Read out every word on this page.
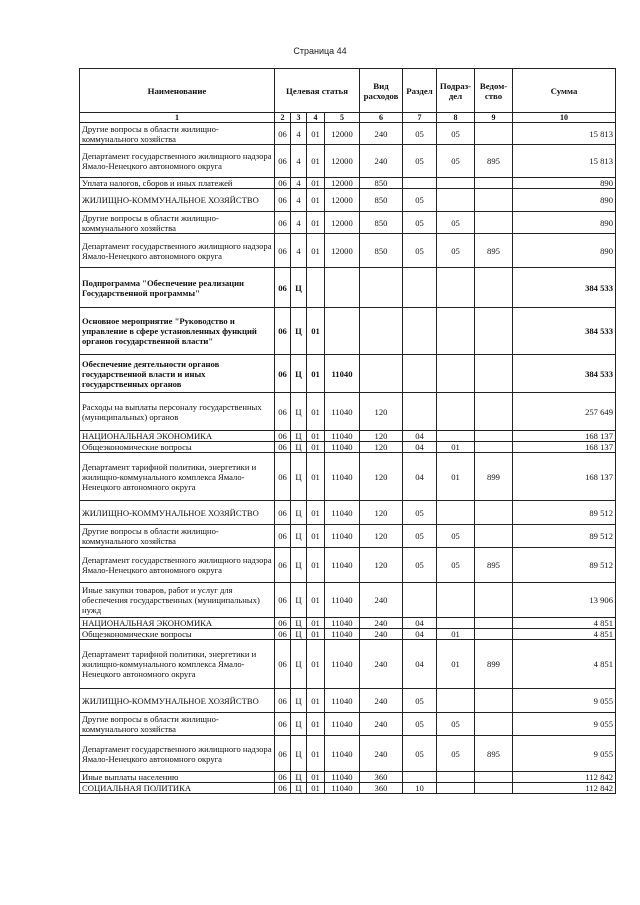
Страница 44
Наименование	Целевая статья				Вид расходов	Раздел	Подраз-дел	Ведом-ство	Сумма
1	2	3	4	5	6	7	8	9	10
Другие вопросы в области жилищно-коммунального хозяйства	06	4	01	12000	240	05	05		15 813
Департамент государственного жилищного надзора Ямало-Ненецкого автономного округа	06	4	01	12000	240	05	05	895	15 813
Уплата налогов, сборов и иных платежей	06	4	01	12000	850				890
ЖИЛИЩНО-КОММУНАЛЬНОЕ ХОЗЯЙСТВО	06	4	01	12000	850	05			890
Другие вопросы в области жилищно-коммунального хозяйства	06	4	01	12000	850	05	05		890
Департамент государственного жилищного надзора Ямало-Ненецкого автономного округа	06	4	01	12000	850	05	05	895	890
Подпрограмма "Обеспечение реализации Государственной программы"	06	Ц							384 533
Основное мероприятие "Руководство и управление в сфере установленных функций органов государственной власти"	06	Ц	01						384 533
Обеспечение деятельности органов государственной власти и иных государственных органов	06	Ц	01	11040					384 533
Расходы на выплаты персоналу государственных (муниципальных) органов	06	Ц	01	11040	120				257 649
НАЦИОНАЛЬНАЯ ЭКОНОМИКА	06	Ц	01	11040	120	04			168 137
Общеэкономические вопросы	06	Ц	01	11040	120	04	01		168 137
Департамент тарифной политики, энергетики и жилищно-коммунального комплекса Ямало-Ненецкого автономного округа	06	Ц	01	11040	120	04	01	899	168 137
ЖИЛИЩНО-КОММУНАЛЬНОЕ ХОЗЯЙСТВО	06	Ц	01	11040	120	05			89 512
Другие вопросы в области жилищно-коммунального хозяйства	06	Ц	01	11040	120	05	05		89 512
Департамент государственного жилищного надзора Ямало-Ненецкого автономного округа	06	Ц	01	11040	120	05	05	895	89 512
Иные закупки товаров, работ и услуг для обеспечения государственных (муниципальных) нужд	06	Ц	01	11040	240				13 906
НАЦИОНАЛЬНАЯ ЭКОНОМИКА	06	Ц	01	11040	240	04			4 851
Общеэкономические вопросы	06	Ц	01	11040	240	04	01		4 851
Департамент тарифной политики, энергетики и жилищно-коммунального комплекса Ямало-Ненецкого автономного округа	06	Ц	01	11040	240	04	01	899	4 851
ЖИЛИЩНО-КОММУНАЛЬНОЕ ХОЗЯЙСТВО	06	Ц	01	11040	240	05			9 055
Другие вопросы в области жилищно-коммунального хозяйства	06	Ц	01	11040	240	05	05		9 055
Департамент государственного жилищного надзора Ямало-Ненецкого автономного округа	06	Ц	01	11040	240	05	05	895	9 055
Иные выплаты населению	06	Ц	01	11040	360				112 842
СОЦИАЛЬНАЯ ПОЛИТИКА	06	Ц	01	11040	360	10			112 842
